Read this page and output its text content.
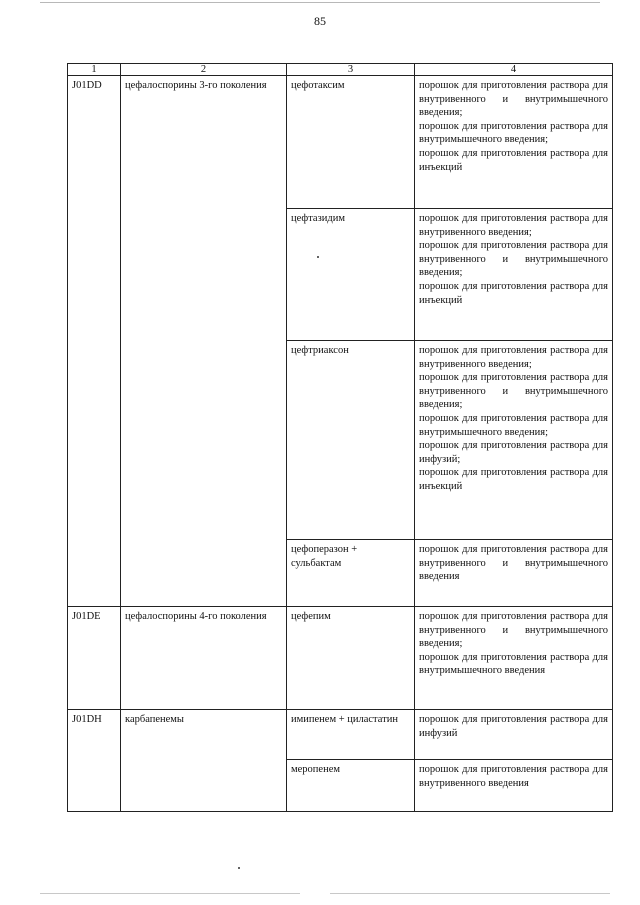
85
1	2	3	4
J01DD	цефалоспорины 3-го поколения	цефотаксим	порошок для приготовления раствора для внутривенного и внутримышечного введения;
порошок для приготовления раствора для внутримышечного введения;
порошок для приготовления раствора для инъекций

		цефтазидим	порошок для приготовления раствора для внутривенного введения;
порошок для приготовления раствора для внутривенного и внутримышечного введения;
порошок для приготовления раствора для инъекций

		цефтриаксон	порошок для приготовления раствора для внутривенного введения;
порошок для приготовления раствора для внутривенного и внутримышечного введения;
порошок для приготовления раствора для внутримышечного введения;
порошок для приготовления раствора для инфузий;
порошок для приготовления раствора для инъекций

		цефоперазон + сульбактам	порошок для приготовления раствора для внутривенного и внутримышечного введения

J01DE	цефалоспорины 4-го поколения	цефепим	порошок для приготовления раствора для внутривенного и внутримышечного введения;
порошок для приготовления раствора для внутримышечного введения

J01DH	карбапенемы	имипенем + циластатин	порошок для приготовления раствора для инфузий

		меропенем	порошок для приготовления раствора для внутривенного введения
